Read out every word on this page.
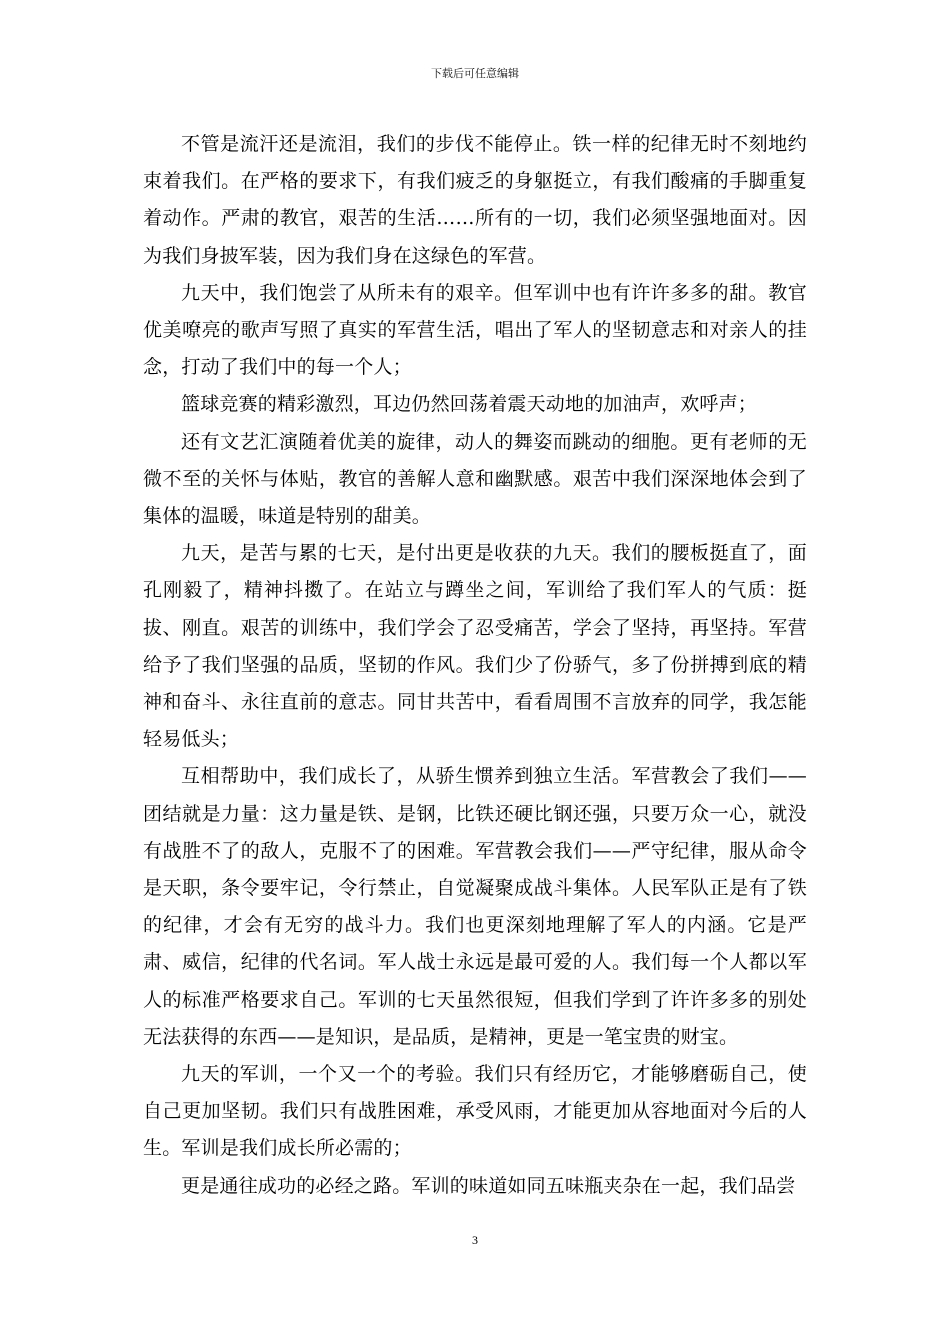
下载后可任意编辑

不管是流汗还是流泪，我们的步伐不能停止。铁一样的纪律无时不刻地约束着我们。在严格的要求下，有我们疲乏的身躯挺立，有我们酸痛的手脚重复着动作。严肃的教官，艰苦的生活……所有的一切，我们必须坚强地面对。因为我们身披军装，因为我们身在这绿色的军营。

九天中，我们饱尝了从所未有的艰辛。但军训中也有许许多多的甜。教官优美嘹亮的歌声写照了真实的军营生活，唱出了军人的坚韧意志和对亲人的挂念，打动了我们中的每一个人；

篮球竞赛的精彩激烈，耳边仍然回荡着震天动地的加油声，欢呼声；

还有文艺汇演随着优美的旋律，动人的舞姿而跳动的细胞。更有老师的无微不至的关怀与体贴，教官的善解人意和幽默感。艰苦中我们深深地体会到了集体的温暖，味道是特别的甜美。

九天，是苦与累的七天，是付出更是收获的九天。我们的腰板挺直了，面孔刚毅了，精神抖擞了。在站立与蹲坐之间，军训给了我们军人的气质：挺拔、刚直。艰苦的训练中，我们学会了忍受痛苦，学会了坚持，再坚持。军营给予了我们坚强的品质，坚韧的作风。我们少了份骄气，多了份拼搏到底的精神和奋斗、永往直前的意志。同甘共苦中，看看周围不言放弃的同学，我怎能轻易低头；

互相帮助中，我们成长了，从骄生惯养到独立生活。军营教会了我们——团结就是力量：这力量是铁、是钢，比铁还硬比钢还强，只要万众一心，就没有战胜不了的敌人，克服不了的困难。军营教会我们——严守纪律，服从命令是天职，条令要牢记，令行禁止，自觉凝聚成战斗集体。人民军队正是有了铁的纪律，才会有无穷的战斗力。我们也更深刻地理解了军人的内涵。它是严肃、威信，纪律的代名词。军人战士永远是最可爱的人。我们每一个人都以军人的标准严格要求自己。军训的七天虽然很短，但我们学到了许许多多的别处无法获得的东西——是知识，是品质，是精神，更是一笔宝贵的财宝。

九天的军训，一个又一个的考验。我们只有经历它，才能够磨砺自己，使自己更加坚韧。我们只有战胜困难，承受风雨，才能更加从容地面对今后的人生。军训是我们成长所必需的；

更是通往成功的必经之路。军训的味道如同五味瓶夹杂在一起，我们品尝

3
